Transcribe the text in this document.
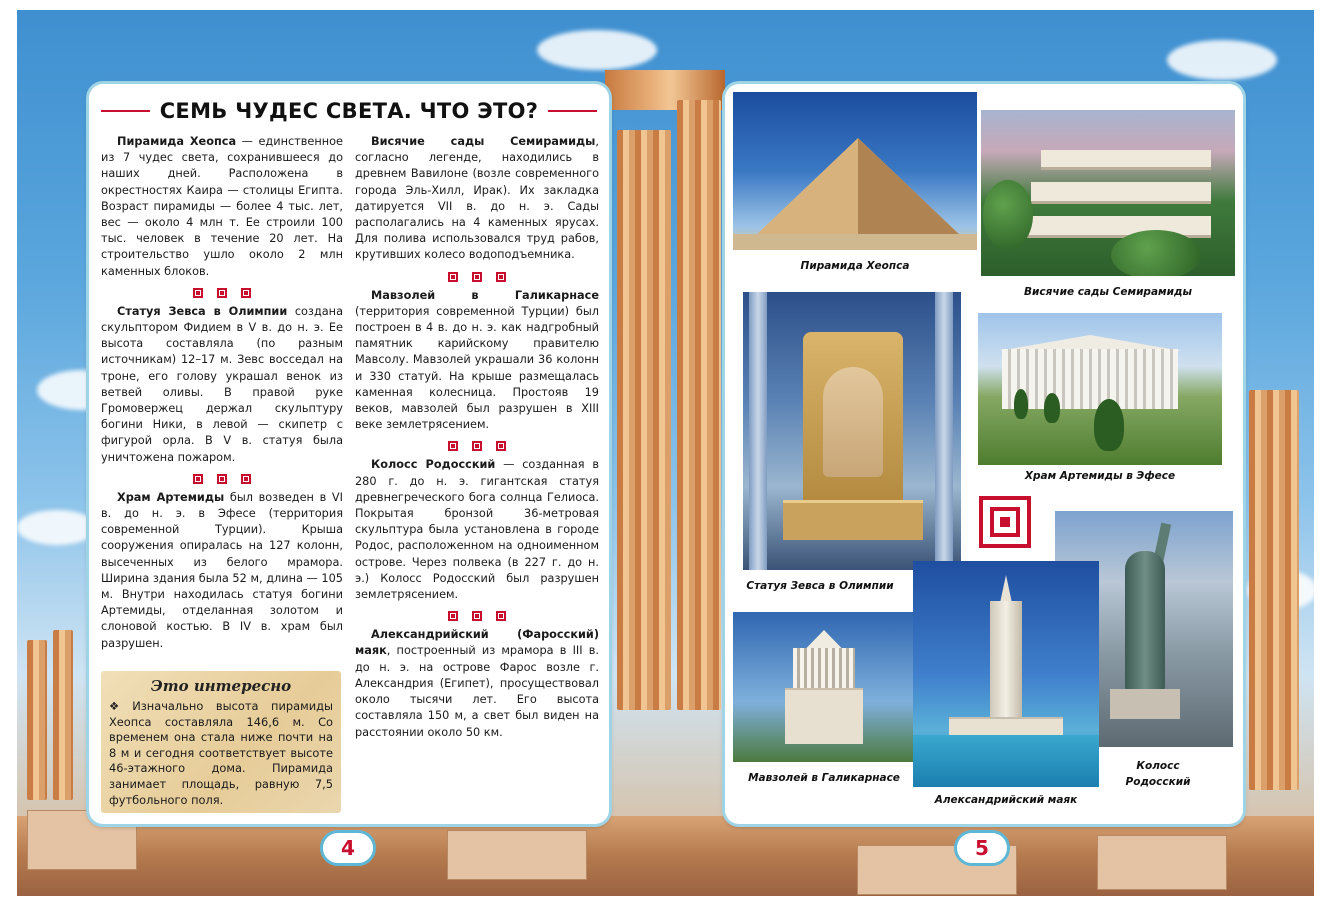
СЕМЬ ЧУДЕС СВЕТА. ЧТО ЭТО?

Пирамида Хеопса — единственное из 7 чудес света, сохранившееся до наших дней. Расположена в окрестностях Каира — столицы Египта. Возраст пирамиды — более 4 тыс. лет, вес — около 4 млн т. Ее строили 100 тыс. человек в течение 20 лет. На строительство ушло около 2 млн каменных блоков.

Статуя Зевса в Олимпии создана скульптором Фидием в V в. до н. э. Ее высота составляла (по разным источникам) 12–17 м. Зевс восседал на троне, его голову украшал венок из ветвей оливы. В правой руке Громовержец держал скульптуру богини Ники, в левой — скипетр с фигурой орла. В V в. статуя была уничтожена пожаром.

Храм Артемиды был возведен в VI в. до н. э. в Эфесе (территория современной Турции). Крыша сооружения опиралась на 127 колонн, высеченных из белого мрамора. Ширина здания была 52 м, длина — 105 м. Внутри находилась статуя богини Артемиды, отделанная золотом и слоновой костью. В IV в. храм был разрушен.

Висячие сады Семирамиды, согласно легенде, находились в древнем Вавилоне (возле современного города Эль-Хилл, Ирак). Их закладка датируется VII в. до н. э. Сады располагались на 4 каменных ярусах. Для полива использовался труд рабов, крутивших колесо водоподъемника.

Мавзолей в Галикарнасе (территория современной Турции) был построен в 4 в. до н. э. как надгробный памятник карийскому правителю Мавсолу. Мавзолей украшали 36 колонн и 330 статуй. На крыше размещалась каменная колесница. Простояв 19 веков, мавзолей был разрушен в XIII веке землетрясением.

Колосс Родосский — созданная в 280 г. до н. э. гигантская статуя древнегреческого бога солнца Гелиоса. Покрытая бронзой 36-метровая скульптура была установлена в городе Родос, расположенном на одноименном острове. Через полвека (в 227 г. до н. э.) Колосс Родосский был разрушен землетрясением.

Александрийский (Фаросский) маяк, построенный из мрамора в III в. до н. э. на острове Фарос возле г. Александрия (Египет), просуществовал около тысячи лет. Его высота составляла 150 м, а свет был виден на расстоянии около 50 км.

Это интересно
❖ Изначально высота пирамиды Хеопса составляла 146,6 м. Со временем она стала ниже почти на 8 м и сегодня соответствует высоте 46-этажного дома. Пирамида занимает площадь, равную 7,5 футбольного поля.
Пирамида Хеопса
Висячие сады Семирамиды
Статуя Зевса в Олимпии
Храм Артемиды в Эфесе
Мавзолей в Галикарнасе
Колосс Родосский
Александрийский маяк
4	5
